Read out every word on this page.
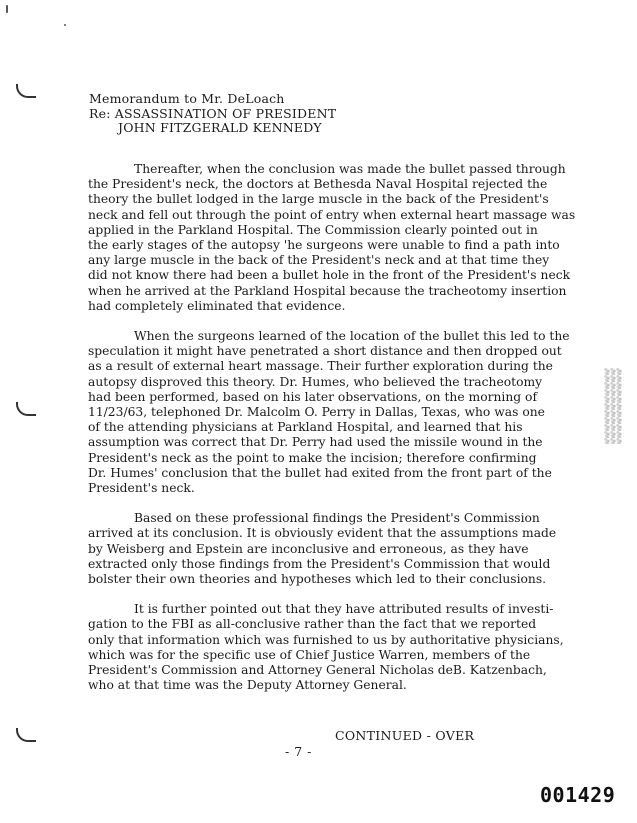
Memorandum to Mr. DeLoach
Re: ASSASSINATION OF PRESIDENT
JOHN FITZGERALD KENNEDY
Thereafter, when the conclusion was made the bullet passed through
the President's neck, the doctors at Bethesda Naval Hospital rejected the
theory the bullet lodged in the large muscle in the back of the President's
neck and fell out through the point of entry when external heart massage was
applied in the Parkland Hospital. The Commission clearly pointed out in
the early stages of the autopsy 'he surgeons were unable to find a path into
any large muscle in the back of the President's neck and at that time they
did not know there had been a bullet hole in the front of the President's neck
when he arrived at the Parkland Hospital because the tracheotomy insertion
had completely eliminated that evidence.
When the surgeons learned of the location of the bullet this led to the
speculation it might have penetrated a short distance and then dropped out
as a result of external heart massage. Their further exploration during the
autopsy disproved this theory. Dr. Humes, who believed the tracheotomy
had been performed, based on his later observations, on the morning of
11/23/63, telephoned Dr. Malcolm O. Perry in Dallas, Texas, who was one
of the attending physicians at Parkland Hospital, and learned that his
assumption was correct that Dr. Perry had used the missile wound in the
President's neck as the point to make the incision; therefore confirming
Dr. Humes' conclusion that the bullet had exited from the front part of the
President's neck.
Based on these professional findings the President's Commission
arrived at its conclusion. It is obviously evident that the assumptions made
by Weisberg and Epstein are inconclusive and erroneous, as they have
extracted only those findings from the President's Commission that would
bolster their own theories and hypotheses which led to their conclusions.
It is further pointed out that they have attributed results of investi-
gation to the FBI as all-conclusive rather than the fact that we reported
only that information which was furnished to us by authoritative physicians,
which was for the specific use of Chief Justice Warren, members of the
President's Commission and Attorney General Nicholas deB. Katzenbach,
who at that time was the Deputy Attorney General.
CONTINUED - OVER
- 7 -
001429
